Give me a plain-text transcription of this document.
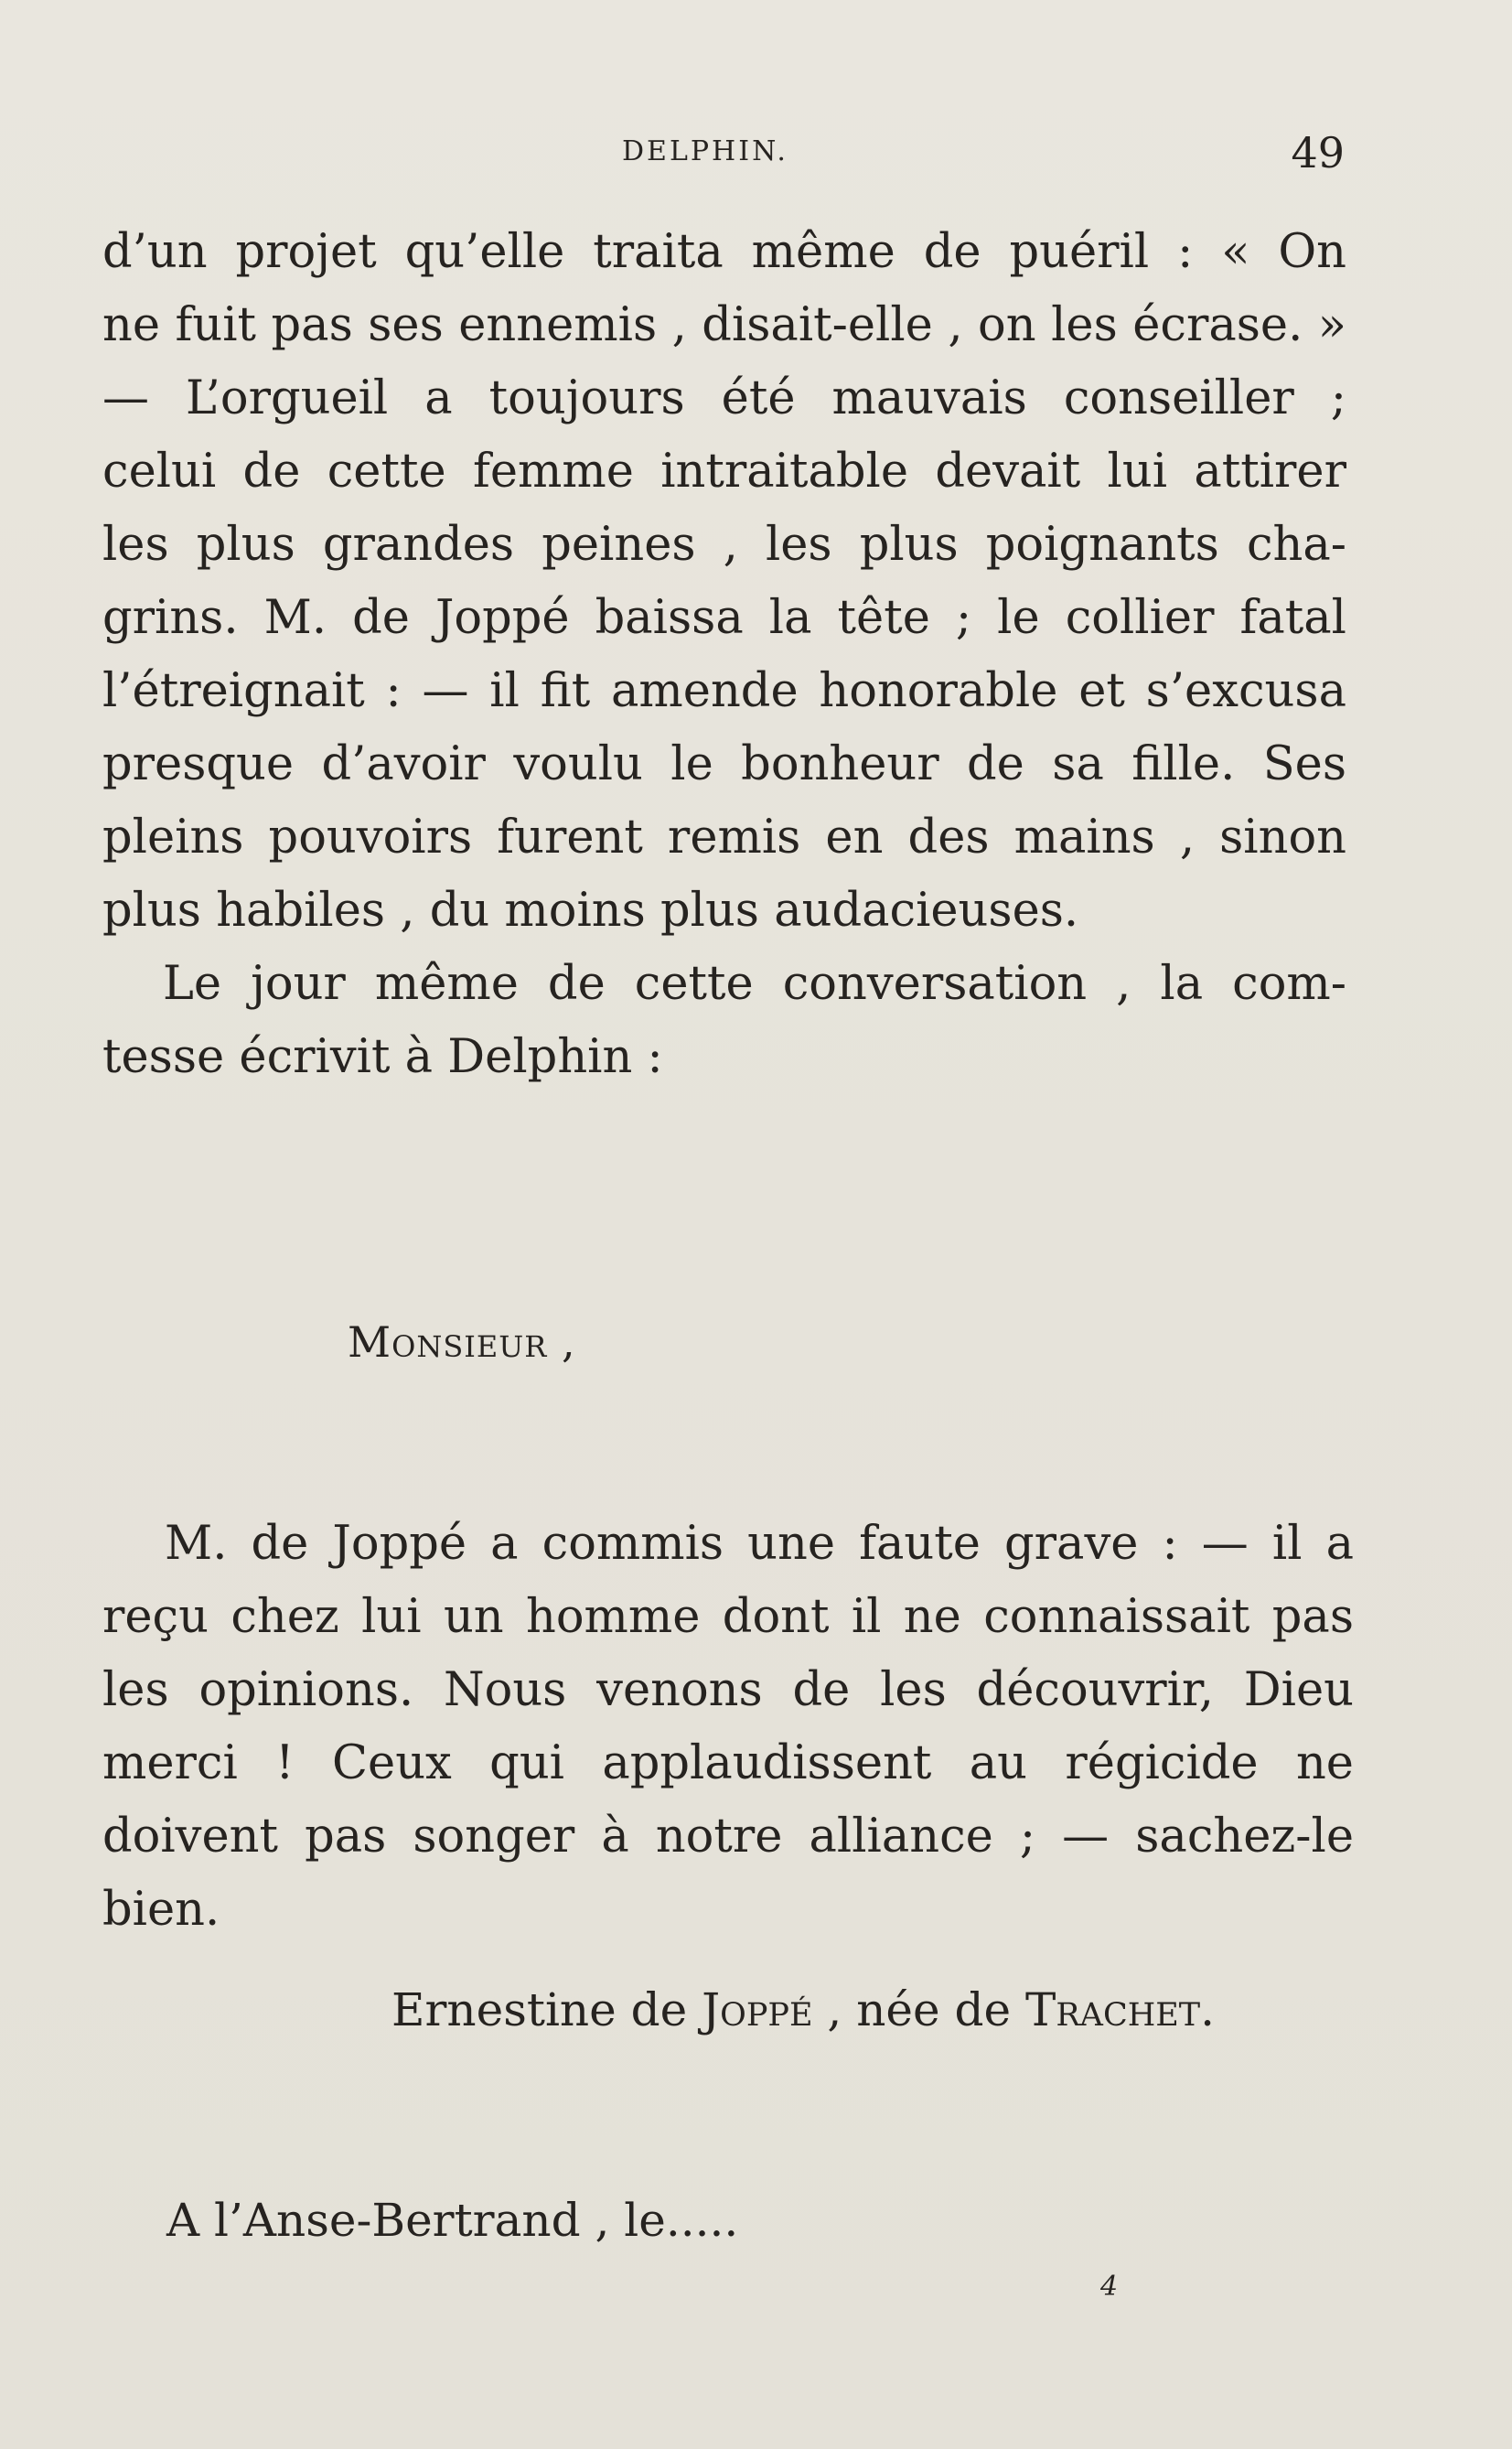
DELPHIN.	49
d’un projet qu’elle traita même de puéril : « On
ne fuit pas ses ennemis , disait-elle , on les écrase. »
— L’orgueil a toujours été mauvais conseiller ;
celui de cette femme intraitable devait lui attirer
les plus grandes peines , les plus poignants cha-
grins. M. de Joppé baissa la tête ; le collier fatal
l’étreignait : — il fit amende honorable et s’excusa
presque d’avoir voulu le bonheur de sa fille. Ses
pleins pouvoirs furent remis en des mains , sinon
plus habiles , du moins plus audacieuses.
Le jour même de cette conversation , la com-
tesse écrivit à Delphin :
Monsieur ,
M. de Joppé a commis une faute grave : — il a
reçu chez lui un homme dont il ne connaissait pas
les opinions. Nous venons de les découvrir, Dieu
merci ! Ceux qui applaudissent au régicide ne
doivent pas songer à notre alliance ; — sachez-le
bien.
Ernestine de Joppé , née de Trachet.
A l’Anse-Bertrand , le.....
4
